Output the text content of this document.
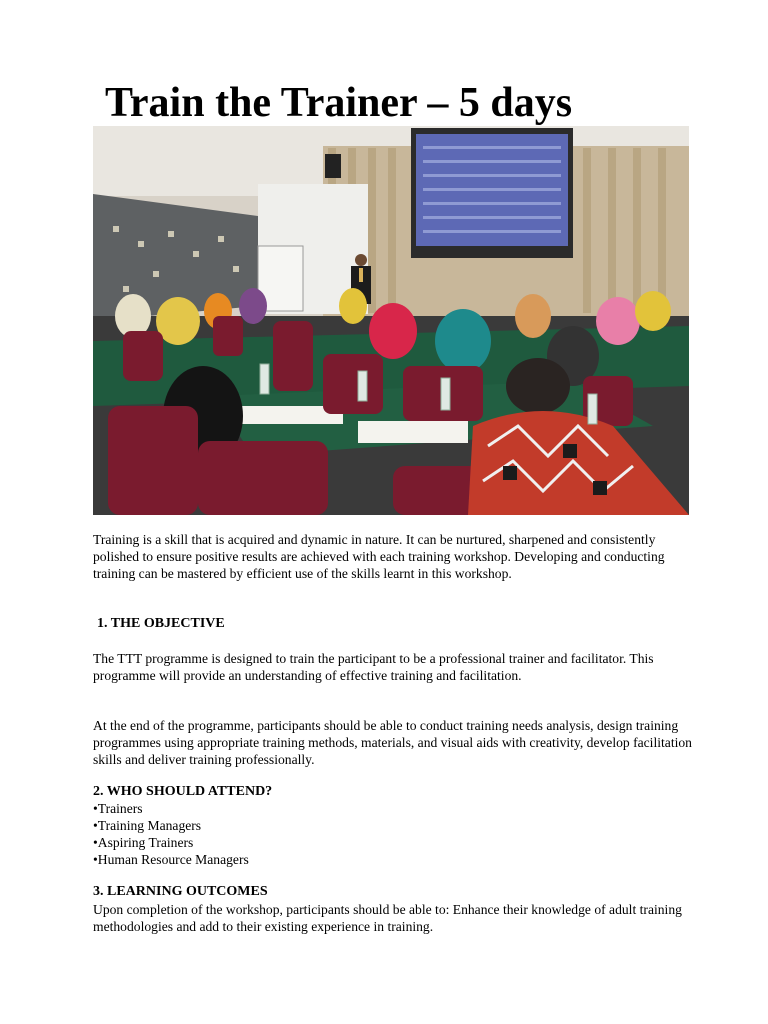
Train the Trainer – 5 days

Training is a skill that is acquired and dynamic in nature. It can be nurtured, sharpened and consistently polished to ensure positive results are achieved with each training workshop. Developing and conducting training can be mastered by efficient use of the skills learnt in this workshop.

1. THE OBJECTIVE

The TTT programme is designed to train the participant to be a professional trainer and facilitator. This programme will provide an understanding of effective training and facilitation.

At the end of the programme, participants should be able to conduct training needs analysis, design training programmes using appropriate training methods, materials, and visual aids with creativity, develop facilitation skills and deliver training professionally.

2. WHO SHOULD ATTEND?
• Trainers
• Training Managers
• Aspiring Trainers
• Human Resource Managers
3. LEARNING OUTCOMES

Upon completion of the workshop, participants should be able to: Enhance their knowledge of adult training methodologies and add to their existing experience in training.
